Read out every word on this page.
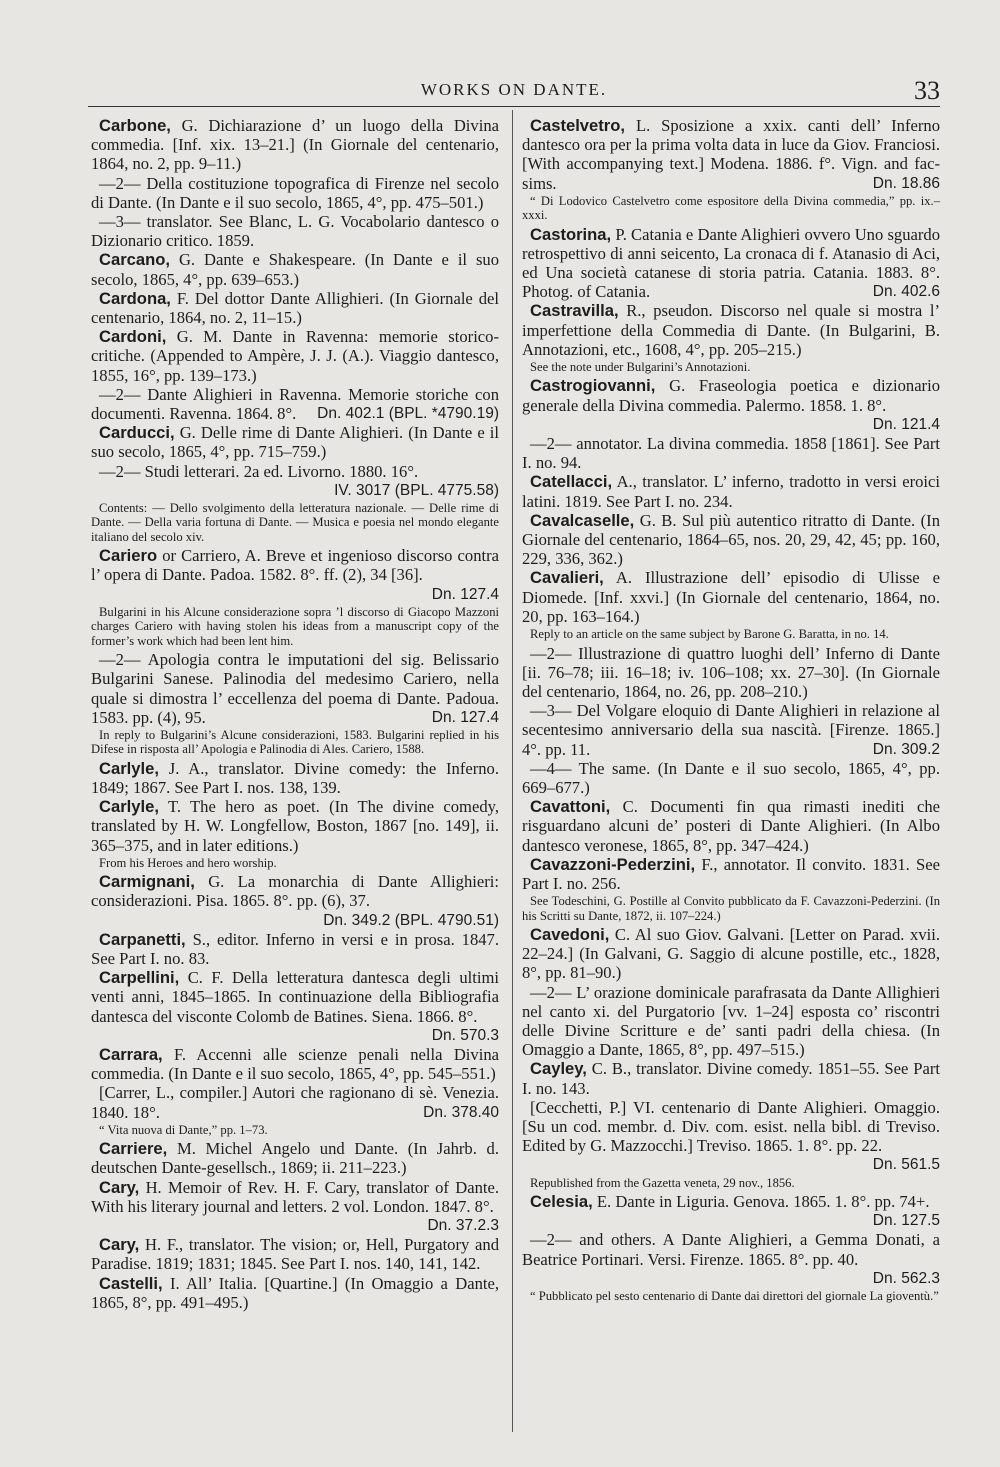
WORKS ON DANTE.	33

Carbone, G. Dichiarazione d’ un luogo della Divina commedia. [Inf. xix. 13–21.] (In Giornale del centenario, 1864, no. 2, pp. 9–11.)

—2— Della costituzione topografica di Firenze nel secolo di Dante. (In Dante e il suo secolo, 1865, 4°, pp. 475–501.)

—3— translator. See Blanc, L. G. Vocabolario dantesco o Dizionario critico. 1859.

Carcano, G. Dante e Shakespeare. (In Dante e il suo secolo, 1865, 4°, pp. 639–653.)

Cardona, F. Del dottor Dante Allighieri. (In Giornale del centenario, 1864, no. 2, 11–15.)

Cardoni, G. M. Dante in Ravenna: memorie storico-critiche. (Appended to Ampère, J. J. (A.). Viaggio dantesco, 1855, 16°, pp. 139–173.)

—2— Dante Alighieri in Ravenna. Memorie storiche con documenti. Ravenna. 1864. 8°.	Dn. 402.1 (BPL. *4790.19)

Carducci, G. Delle rime di Dante Alighieri. (In Dante e il suo secolo, 1865, 4°, pp. 715–759.)

—2— Studi letterari. 2a ed. Livorno. 1880. 16°.
IV. 3017 (BPL. 4775.58)

Contents: — Dello svolgimento della letteratura nazionale. — Delle rime di Dante. — Della varia fortuna di Dante. — Musica e poesia nel mondo elegante italiano del secolo xiv.

Cariero or Carriero, A. Breve et ingenioso discorso contra l’ opera di Dante. Padoa. 1582. 8°. ff. (2), 34 [36].
Dn. 127.4

Bulgarini in his Alcune considerazione sopra ’l discorso di Giacopo Mazzoni charges Cariero with having stolen his ideas from a manuscript copy of the former’s work which had been lent him.

—2— Apologia contra le imputationi del sig. Belissario Bulgarini Sanese. Palinodia del medesimo Cariero, nella quale si dimostra l’ eccellenza del poema di Dante. Padoua. 1583. pp. (4), 95.	Dn. 127.4

In reply to Bulgarini’s Alcune considerazioni, 1583. Bulgarini replied in his Difese in risposta all’ Apologia e Palinodia di Ales. Cariero, 1588.

Carlyle, J. A., translator. Divine comedy: the Inferno. 1849; 1867. See Part I. nos. 138, 139.

Carlyle, T. The hero as poet. (In The divine comedy, translated by H. W. Longfellow, Boston, 1867 [no. 149], ii. 365–375, and in later editions.)

From his Heroes and hero worship.

Carmignani, G. La monarchia di Dante Allighieri: considerazioni. Pisa. 1865. 8°. pp. (6), 37.
Dn. 349.2 (BPL. 4790.51)

Carpanetti, S., editor. Inferno in versi e in prosa. 1847. See Part I. no. 83.

Carpellini, C. F. Della letteratura dantesca degli ultimi venti anni, 1845–1865. In continuazione della Bibliografia dantesca del visconte Colomb de Batines. Siena. 1866. 8°.
Dn. 570.3

Carrara, F. Accenni alle scienze penali nella Divina commedia. (In Dante e il suo secolo, 1865, 4°, pp. 545–551.)

[Carrer, L., compiler.] Autori che ragionano di sè. Venezia. 1840. 18°.	Dn. 378.40

“ Vita nuova di Dante,” pp. 1–73.

Carriere, M. Michel Angelo und Dante. (In Jahrb. d. deutschen Dante-gesellsch., 1869; ii. 211–223.)

Cary, H. Memoir of Rev. H. F. Cary, translator of Dante. With his literary journal and letters. 2 vol. London. 1847. 8°.
Dn. 37.2.3

Cary, H. F., translator. The vision; or, Hell, Purgatory and Paradise. 1819; 1831; 1845. See Part I. nos. 140, 141, 142.

Castelli, I. All’ Italia. [Quartine.] (In Omaggio a Dante, 1865, 8°, pp. 491–495.)

Castelvetro, L. Sposizione a xxix. canti dell’ Inferno dantesco ora per la prima volta data in luce da Giov. Franciosi. [With accompanying text.] Modena. 1886. f°. Vign. and fac-sims.	Dn. 18.86

“ Di Lodovico Castelvetro come espositore della Divina commedia,” pp. ix.–xxxi.

Castorina, P. Catania e Dante Alighieri ovvero Uno sguardo retrospettivo di anni seicento, La cronaca di f. Atanasio di Aci, ed Una società catanese di storia patria. Catania. 1883. 8°. Photog. of Catania.	Dn. 402.6

Castravilla, R., pseudon. Discorso nel quale si mostra l’ imperfettione della Commedia di Dante. (In Bulgarini, B. Annotazioni, etc., 1608, 4°, pp. 205–215.)

See the note under Bulgarini’s Annotazioni.

Castrogiovanni, G. Fraseologia poetica e dizionario generale della Divina commedia. Palermo. 1858. 1. 8°.
Dn. 121.4

—2— annotator. La divina commedia. 1858 [1861]. See Part I. no. 94.

Catellacci, A., translator. L’ inferno, tradotto in versi eroici latini. 1819. See Part I. no. 234.

Cavalcaselle, G. B. Sul più autentico ritratto di Dante. (In Giornale del centenario, 1864–65, nos. 20, 29, 42, 45; pp. 160, 229, 336, 362.)

Cavalieri, A. Illustrazione dell’ episodio di Ulisse e Diomede. [Inf. xxvi.] (In Giornale del centenario, 1864, no. 20, pp. 163–164.)

Reply to an article on the same subject by Barone G. Baratta, in no. 14.

—2— Illustrazione di quattro luoghi dell’ Inferno di Dante [ii. 76–78; iii. 16–18; iv. 106–108; xx. 27–30]. (In Giornale del centenario, 1864, no. 26, pp. 208–210.)

—3— Del Volgare eloquio di Dante Alighieri in relazione al secentesimo anniversario della sua nascità. [Firenze. 1865.] 4°. pp. 11.	Dn. 309.2

—4— The same. (In Dante e il suo secolo, 1865, 4°, pp. 669–677.)

Cavattoni, C. Documenti fin qua rimasti inediti che risguardano alcuni de’ posteri di Dante Alighieri. (In Albo dantesco veronese, 1865, 8°, pp. 347–424.)

Cavazzoni-Pederzini, F., annotator. Il convito. 1831. See Part I. no. 256.

See Todeschini, G. Postille al Convito pubblicato da F. Cavazzoni-Pederzini. (In his Scritti su Dante, 1872, ii. 107–224.)

Cavedoni, C. Al suo Giov. Galvani. [Letter on Parad. xvii. 22–24.] (In Galvani, G. Saggio di alcune postille, etc., 1828, 8°, pp. 81–90.)

—2— L’ orazione dominicale parafrasata da Dante Allighieri nel canto xi. del Purgatorio [vv. 1–24] esposta co’ riscontri delle Divine Scritture e de’ santi padri della chiesa. (In Omaggio a Dante, 1865, 8°, pp. 497–515.)

Cayley, C. B., translator. Divine comedy. 1851–55. See Part I. no. 143.

[Cecchetti, P.] VI. centenario di Dante Alighieri. Omaggio. [Su un cod. membr. d. Div. com. esist. nella bibl. di Treviso. Edited by G. Mazzocchi.] Treviso. 1865. 1. 8°. pp. 22.
Dn. 561.5

Republished from the Gazetta veneta, 29 nov., 1856.

Celesia, E. Dante in Liguria. Genova. 1865. 1. 8°. pp. 74+.
Dn. 127.5

—2— and others. A Dante Alighieri, a Gemma Donati, a Beatrice Portinari. Versi. Firenze. 1865. 8°. pp. 40.
Dn. 562.3

“ Pubblicato pel sesto centenario di Dante dai direttori del giornale La gioventù.”
